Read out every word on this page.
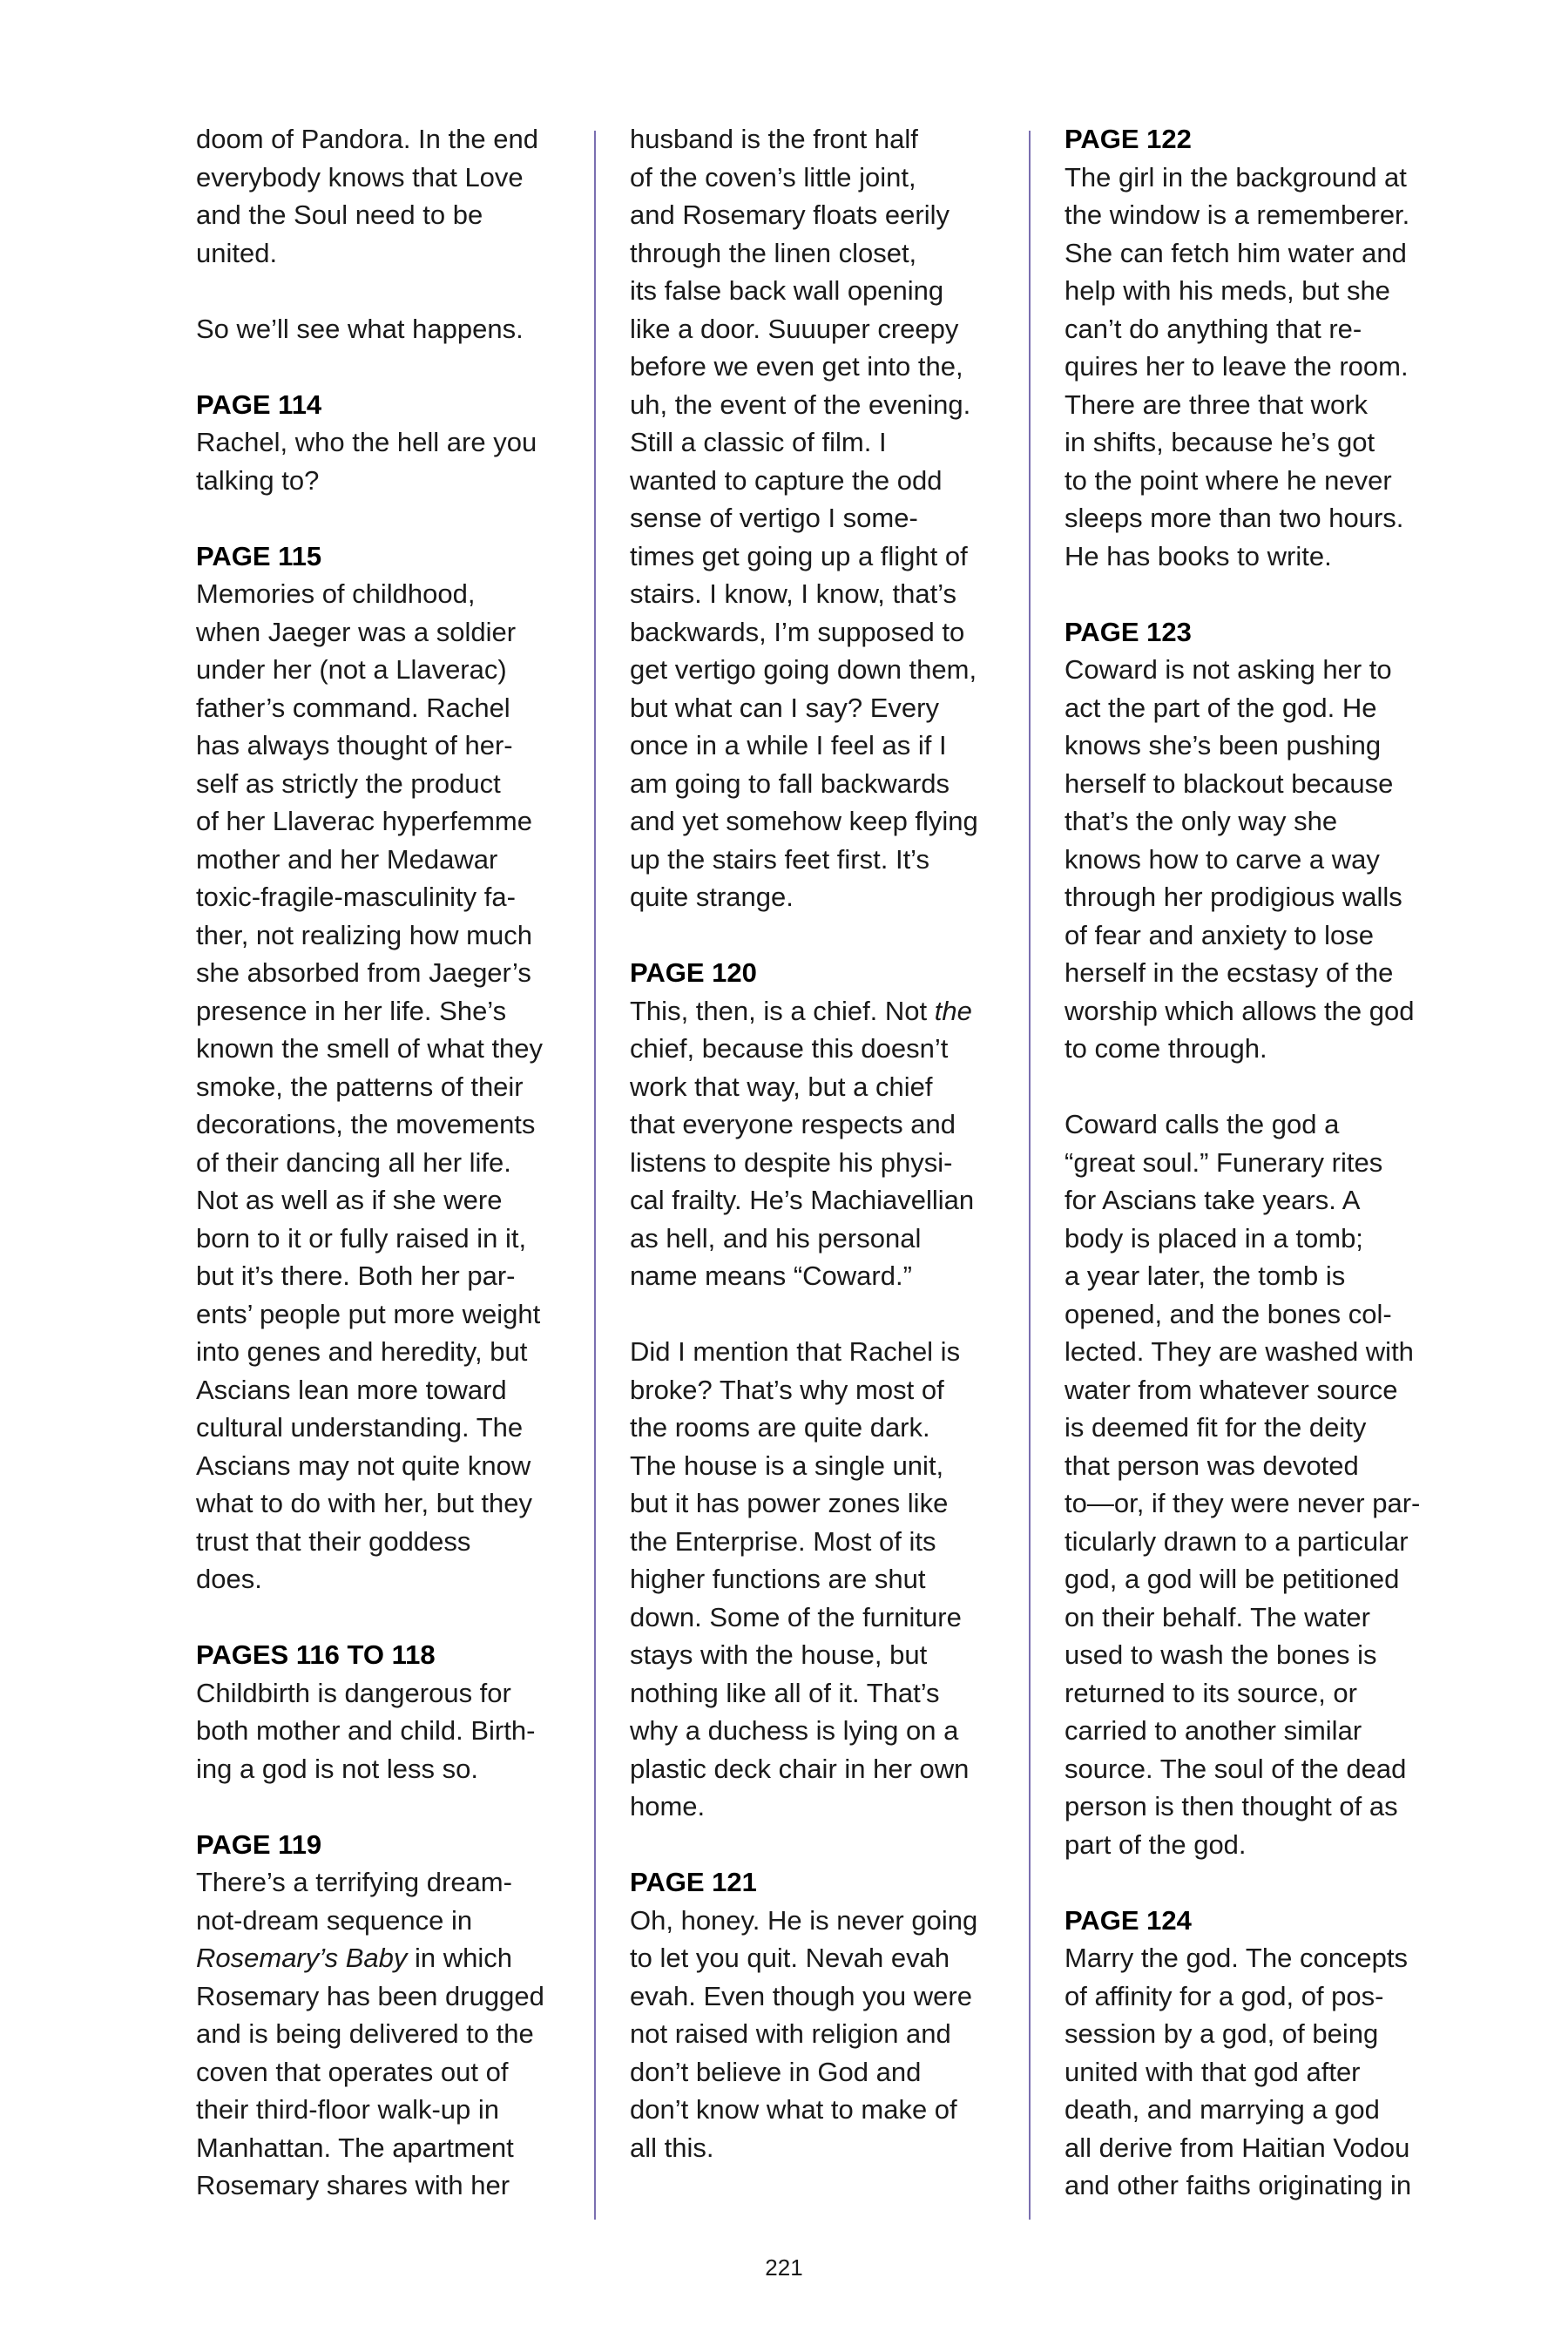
doom of Pandora. In the end

everybody knows that Love

and the Soul need to be

united.

So we’ll see what happens.

PAGE 114

Rachel, who the hell are you

talking to?

PAGE 115

Memories of childhood,

when Jaeger was a soldier

under her (not a Llaverac)

father’s command. Rachel

has always thought of her-

self as strictly the product

of her Llaverac hyperfemme

mother and her Medawar

toxic-fragile-masculinity fa-

ther, not realizing how much

she absorbed from Jaeger’s

presence in her life. She’s

known the smell of what they

smoke, the patterns of their

decorations, the movements

of their dancing all her life.

Not as well as if she were

born to it or fully raised in it,

but it’s there. Both her par-

ents’ people put more weight

into genes and heredity, but

Ascians lean more toward

cultural understanding. The

Ascians may not quite know

what to do with her, but they

trust that their goddess

does.

PAGES 116 TO 118

Childbirth is dangerous for

both mother and child. Birth-

ing a god is not less so.

PAGE 119

There’s a terrifying dream-

not-dream sequence in

Rosemary’s Baby in which

Rosemary has been drugged

and is being delivered to the

coven that operates out of

their third-floor walk-up in

Manhattan. The apartment

Rosemary shares with her

husband is the front half

of the coven’s little joint,

and Rosemary floats eerily

through the linen closet,

its false back wall opening

like a door. Suuuper creepy

before we even get into the,

uh, the event of the evening.

Still a classic of film. I

wanted to capture the odd

sense of vertigo I some-

times get going up a flight of

stairs. I know, I know, that’s

backwards, I’m supposed to

get vertigo going down them,

but what can I say? Every

once in a while I feel as if I

am going to fall backwards

and yet somehow keep flying

up the stairs feet first. It’s

quite strange.

PAGE 120

This, then, is a chief. Not the

chief, because this doesn’t

work that way, but a chief

that everyone respects and

listens to despite his physi-

cal frailty. He’s Machiavellian

as hell, and his personal

name means “Coward.”

Did I mention that Rachel is

broke? That’s why most of

the rooms are quite dark.

The house is a single unit,

but it has power zones like

the Enterprise. Most of its

higher functions are shut

down. Some of the furniture

stays with the house, but

nothing like all of it. That’s

why a duchess is lying on a

plastic deck chair in her own

home.

PAGE 121

Oh, honey. He is never going

to let you quit. Nevah evah

evah. Even though you were

not raised with religion and

don’t believe in God and

don’t know what to make of

all this.

PAGE 122

The girl in the background at

the window is a rememberer.

She can fetch him water and

help with his meds, but she

can’t do anything that re-

quires her to leave the room.

There are three that work

in shifts, because he’s got

to the point where he never

sleeps more than two hours.

He has books to write.

PAGE 123

Coward is not asking her to

act the part of the god. He

knows she’s been pushing

herself to blackout because

that’s the only way she

knows how to carve a way

through her prodigious walls

of fear and anxiety to lose

herself in the ecstasy of the

worship which allows the god

to come through.

Coward calls the god a

“great soul.” Funerary rites

for Ascians take years. A

body is placed in a tomb;

a year later, the tomb is

opened, and the bones col-

lected. They are washed with

water from whatever source

is deemed fit for the deity

that person was devoted

to—or, if they were never par-

ticularly drawn to a particular

god, a god will be petitioned

on their behalf. The water

used to wash the bones is

returned to its source, or

carried to another similar

source. The soul of the dead

person is then thought of as

part of the god.

PAGE 124

Marry the god. The concepts

of affinity for a god, of pos-

session by a god, of being

united with that god after

death, and marrying a god

all derive from Haitian Vodou

and other faiths originating in

221
